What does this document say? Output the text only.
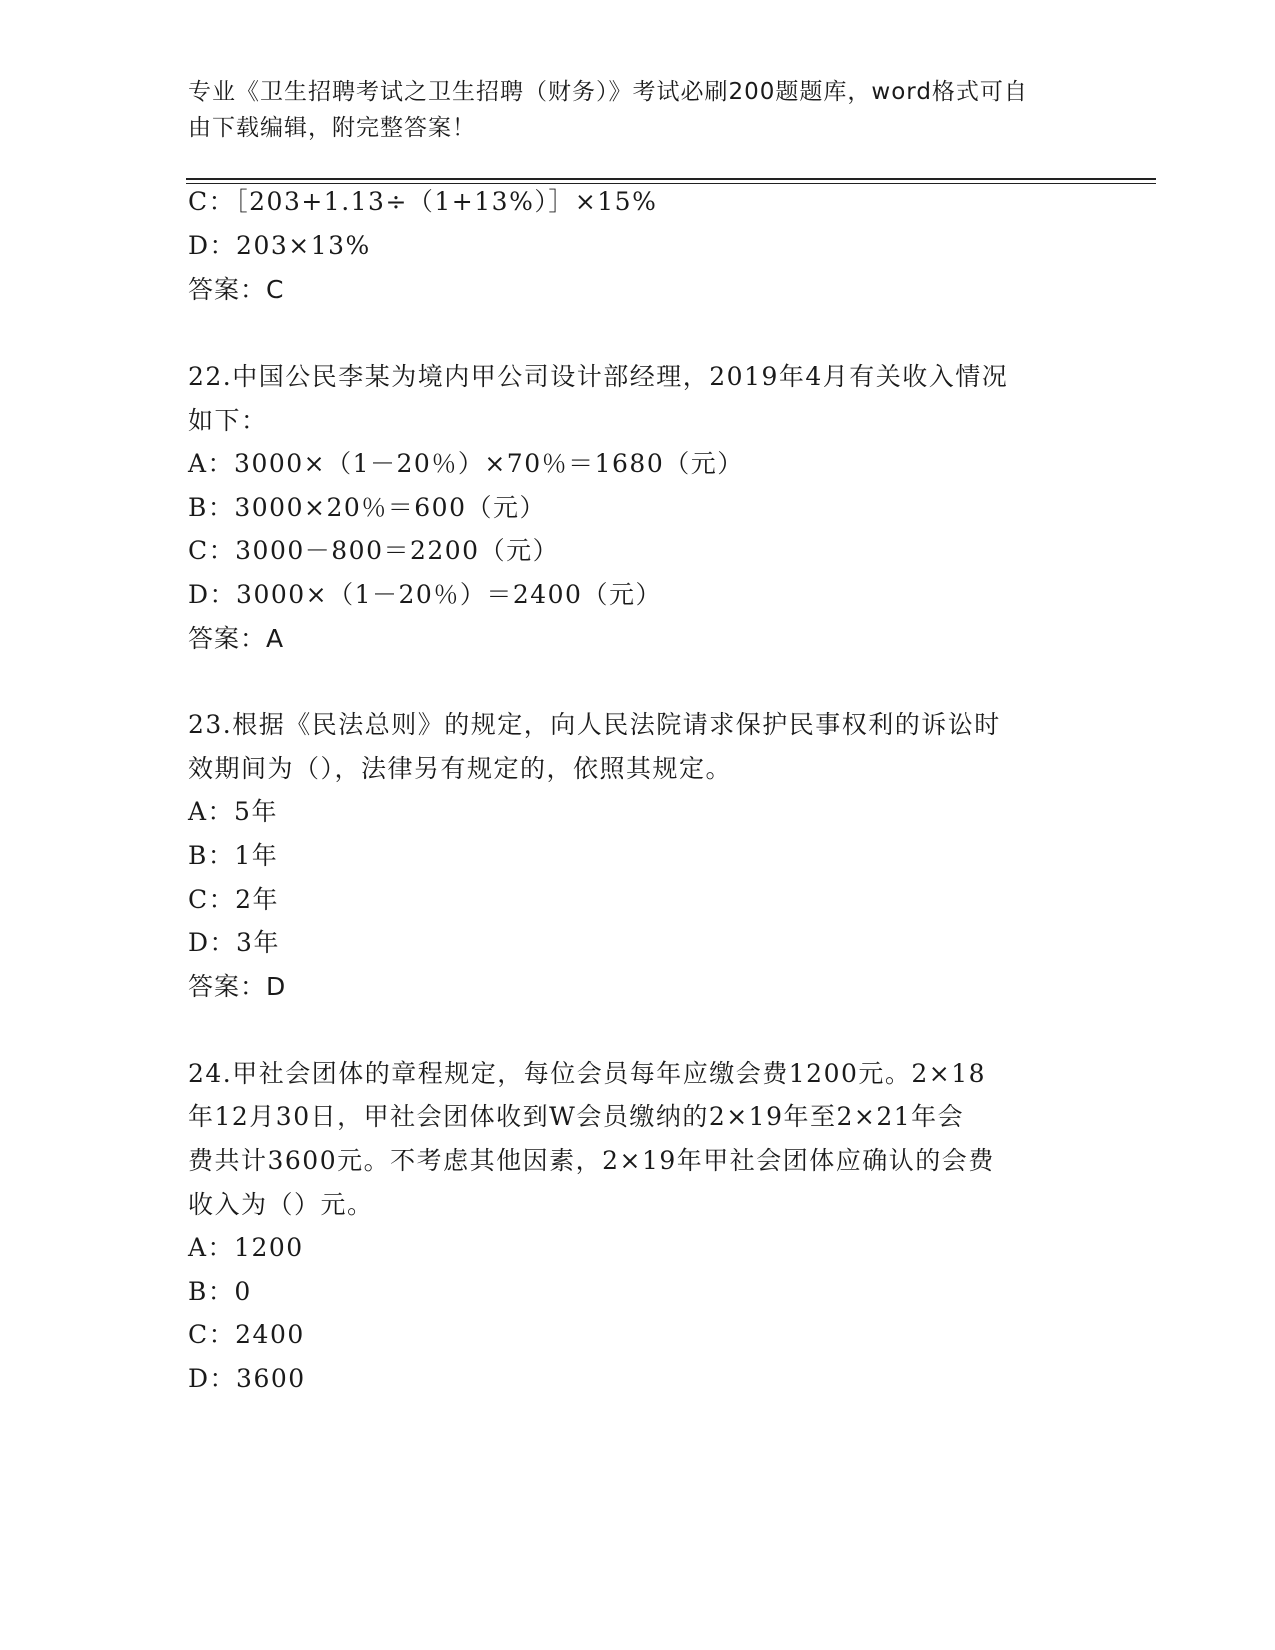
专业《卫生招聘考试之卫生招聘（财务）》考试必刷200题题库，word格式可自
由下载编辑，附完整答案！
C：［203+1.13÷（1+13%）］×15%
D：203×13%
答案：C
22.中国公民李某为境内甲公司设计部经理，2019年4月有关收入情况
如下：
A：3000×（1－20％）×70％＝1680（元）
B：3000×20％＝600（元）
C：3000－800＝2200（元）
D：3000×（1－20％）＝2400（元）
答案：A
23.根据《民法总则》的规定，向人民法院请求保护民事权利的诉讼时
效期间为（），法律另有规定的，依照其规定。
A：5年
B：1年
C：2年
D：3年
答案：D
24.甲社会团体的章程规定，每位会员每年应缴会费1200元。2×18
年12月30日，甲社会团体收到W会员缴纳的2×19年至2×21年会
费共计3600元。不考虑其他因素，2×19年甲社会团体应确认的会费
收入为（）元。
A：1200
B：0
C：2400
D：3600
